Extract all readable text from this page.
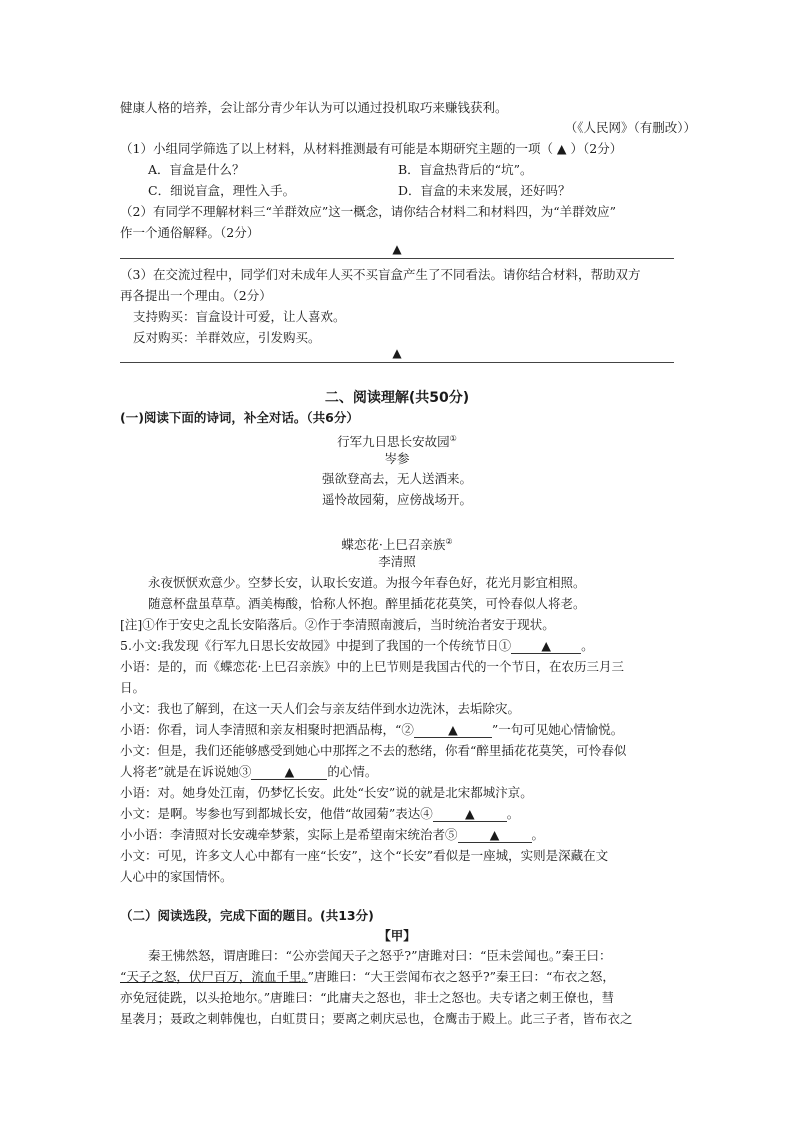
健康人格的培养，会让部分青少年认为可以通过投机取巧来赚钱获利。
（《人民网》（有删改））
（1）小组同学筛选了以上材料，从材料推测最有可能是本期研究主题的一项（ ▲ ）（2分）
A．盲盒是什么？	B．盲盒热背后的“坑”。
C．细说盲盒，理性入手。	D．盲盒的未来发展，还好吗？
（2）有同学不理解材料三“羊群效应”这一概念，请你结合材料二和材料四，为“羊群效应”
作一个通俗解释。（2分）
▲
（3）在交流过程中，同学们对未成年人买不买盲盒产生了不同看法。请你结合材料，帮助双方
再各提出一个理由。（2分）
支持购买：盲盒设计可爱，让人喜欢。
反对购买：羊群效应，引发购买。
▲
二、阅读理解(共50分)
(一)阅读下面的诗词，补全对话。（共6分）
行军九日思长安故园①
岑参
强欲登高去，无人送酒来。
遥怜故园菊，应傍战场开。
蝶恋花·上巳召亲族②
李清照
永夜恹恹欢意少。空梦长安，认取长安道。为报今年春色好，花光月影宜相照。
随意杯盘虽草草。酒美梅酸，恰称人怀抱。醉里插花花莫笑，可怜春似人将老。
[注]①作于安史之乱长安陷落后。②作于李清照南渡后，当时统治者安于现状。
5.小文:我发现《行军九日思长安故园》中提到了我国的一个传统节日① ▲ 。
小语：是的，而《蝶恋花·上巳召亲族》中的上巳节则是我国古代的一个节日，在农历三月三
日。
小文：我也了解到，在这一天人们会与亲友结伴到水边洗沐，去垢除灾。
小语：你看，词人李清照和亲友相聚时把酒品梅，“②	▲	”一句可见她心情愉悦。
小文：但是，我们还能够感受到她心中那挥之不去的愁绪，你看“醉里插花花莫笑，可怜春似
人将老”就是在诉说她③	▲	的心情。
小语：对。她身处江南，仍梦忆长安。此处“长安”说的就是北宋都城汴京。
小文：是啊。岑参也写到都城长安，他借“故园菊”表达④	▲	。
小小语：李清照对长安魂牵梦萦，实际上是希望南宋统治者⑤	▲	。
小文：可见，许多文人心中都有一座“长安”，这个“长安”看似是一座城，实则是深藏在文
人心中的家国情怀。
（二）阅读选段，完成下面的题目。(共13分)
【甲】
秦王怫然怒，谓唐雎曰：“公亦尝闻天子之怒乎?”唐雎对曰：“臣未尝闻也。”秦王曰：
“天子之怒，伏尸百万，流血千里。”唐雎曰：“大王尝闻布衣之怒乎?”秦王曰：“布衣之怒，
亦免冠徒跣，以头抢地尔。”唐雎曰：“此庸夫之怒也，非士之怒也。夫专诸之刺王僚也，彗
星袭月；聂政之刺韩傀也，白虹贯日；要离之刺庆忌也，仓鹰击于殿上。此三子者，皆布衣之
